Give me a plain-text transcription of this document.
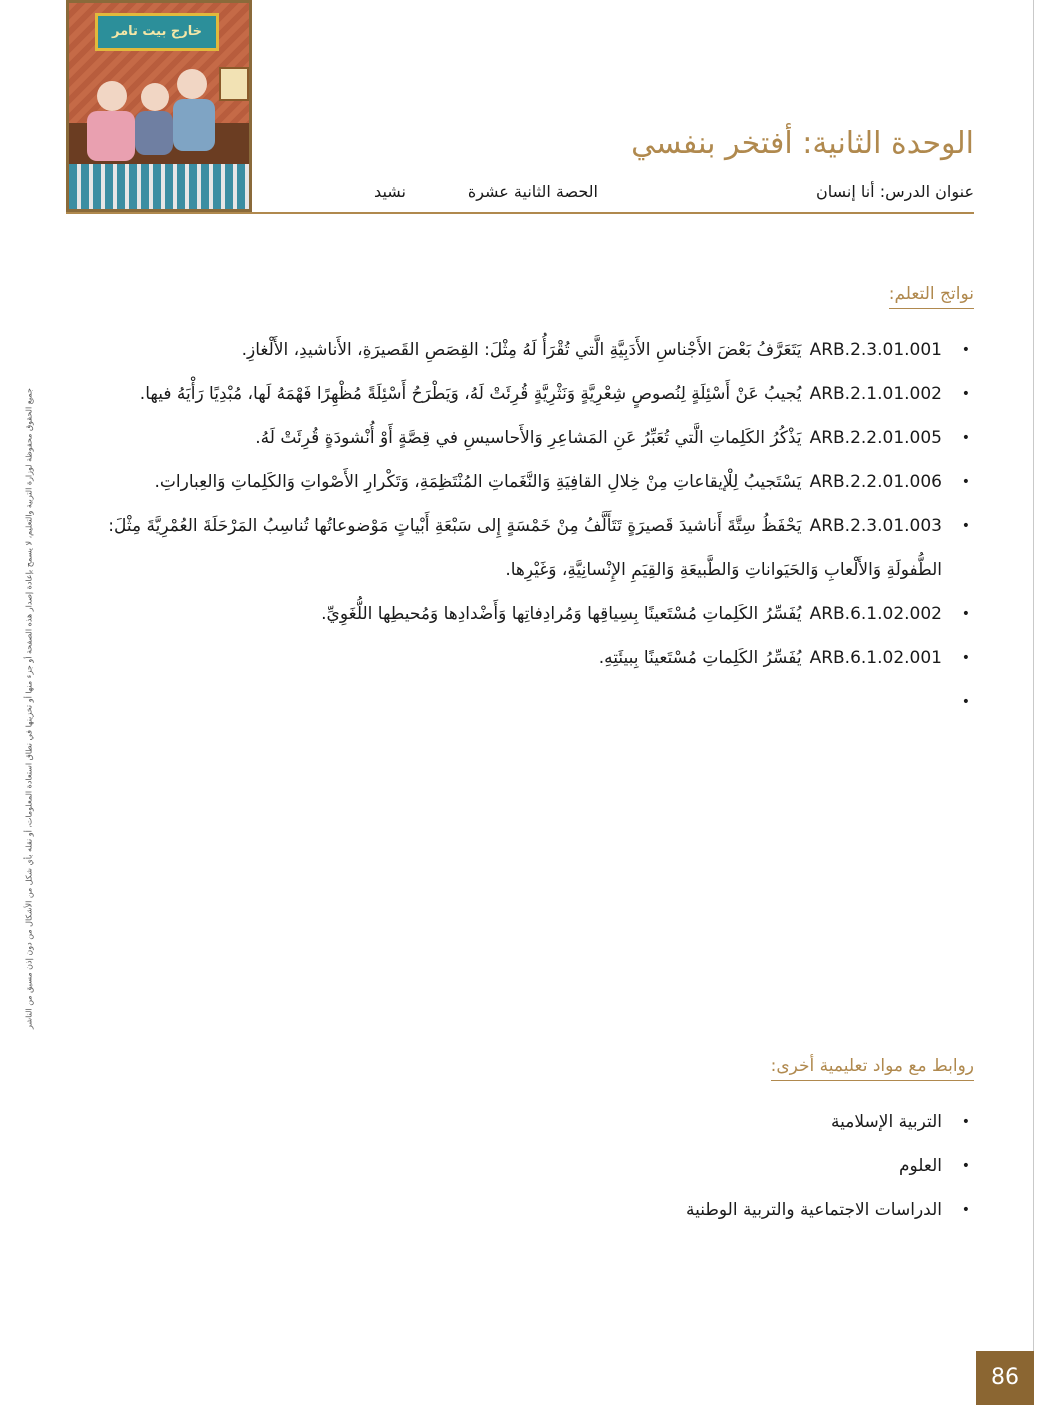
خارج بيت تامر
الوحدة الثانية: أفتخر بنفسي
عنوان الدرس: أنا إنسان
الحصة الثانية عشرة
نشيد
نواتج التعلم:
• ARB.2.3.01.001يَتَعَرَّفُ بَعْضَ الأَجْناسِ الأَدَبِيَّةِ الَّتي تُقْرَأُ لَهُ مِثْلَ: القِصَصِ القَصيرَةِ، الأَناشيدِ، الأَلْغازِ.
• ARB.2.1.01.002يُجيبُ عَنْ أَسْئِلَةٍ لِنُصوصٍ شِعْرِيَّةٍ وَنَثْرِيَّةٍ قُرِئَتْ لَهُ، وَيَطْرَحُ أَسْئِلَةً مُظْهِرًا فَهْمَهُ لَها، مُبْدِيًا رَأْيَهُ فيها.
• ARB.2.2.01.005يَذْكُرُ الكَلِماتِ الَّتي تُعَبِّرُ عَنِ المَشاعِرِ وَالأَحاسيسِ في قِصَّةٍ أَوْ أُنْشودَةٍ قُرِئَتْ لَهُ.
• ARB.2.2.01.006يَسْتَجيبُ لِلْإيقاعاتِ مِنْ خِلالِ القافِيَةِ وَالنَّغَماتِ المُنْتَظِمَةِ، وَتَكْرارِ الأَصْواتِ وَالكَلِماتِ وَالعِباراتِ.
• ARB.2.3.01.003يَحْفَظُ سِتَّةَ أَناشيدَ قَصيرَةٍ تَتَأَلَّفُ مِنْ خَمْسَةٍ إِلى سَبْعَةِ أَبْياتٍ مَوْضوعاتُها تُناسِبُ المَرْحَلَةَ العُمْرِيَّةَ مِثْلَ: الطُّفولَةِ وَالأَلْعابِ وَالحَيَواناتِ وَالطَّبيعَةِ وَالقِيَمِ الإِنْسانِيَّةِ، وَغَيْرِها.
• ARB.6.1.02.002يُفَسِّرُ الكَلِماتِ مُسْتَعينًا بِسِياقِها وَمُرادِفاتِها وَأَضْدادِها وَمُحيطِها اللُّغَوِيِّ.
• ARB.6.1.02.001يُفَسِّرُ الكَلِماتِ مُسْتَعينًا بِبيئَتِهِ.
•
روابط مع مواد تعليمية أخرى:
• التربية الإسلامية
• العلوم
• الدراسات الاجتماعية والتربية الوطنية
جميع الحقوق محفوظة لوزارة التربية والتعليم، لا يسمح بإعادة إصدار هذه الصفحة أو جزء منها أو تخزينها في نطاق استعادة المعلومات، أو نقله بأي شكل من الأشكال من دون إذن مسبق من الناشر
86
